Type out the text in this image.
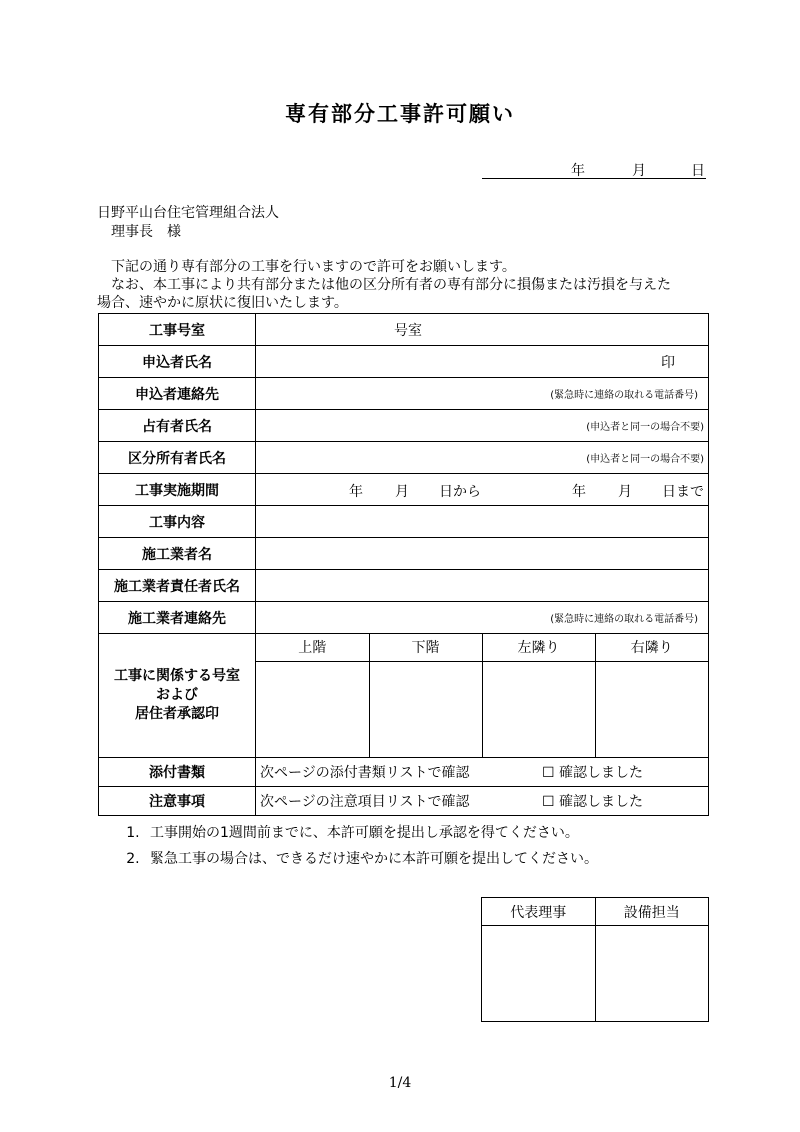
専有部分工事許可願い
年	月	日
日野平山台住宅管理組合法人
理事長　様
下記の通り専有部分の工事を行いますので許可をお願いします。
なお、本工事により共有部分または他の区分所有者の専有部分に損傷または汚損を与えた
場合、速やかに原状に復旧いたします。
工事号室	号室
申込者氏名	印
申込者連絡先	(緊急時に連絡の取れる電話番号)
占有者氏名	(申込者と同一の場合不要)
区分所有者氏名	(申込者と同一の場合不要)
工事実施期間	年 月 日から	年 月 日まで

工事内容	
施工業者名	
施工業者責任者氏名	
施工業者連絡先	(緊急時に連絡の取れる電話番号)

工事に関係する号室
および
居住者承認印

上階	下階	左隣り	右隣り

添付書類	次ページの添付書類リストで確認	☐ 確認しました

注意事項	次ページの注意項目リストで確認	☐ 確認しました
1. 工事開始の1週間前までに、本許可願を提出し承認を得てください。
2. 緊急工事の場合は、できるだけ速やかに本許可願を提出してください。
代表理事	設備担当

1/4
